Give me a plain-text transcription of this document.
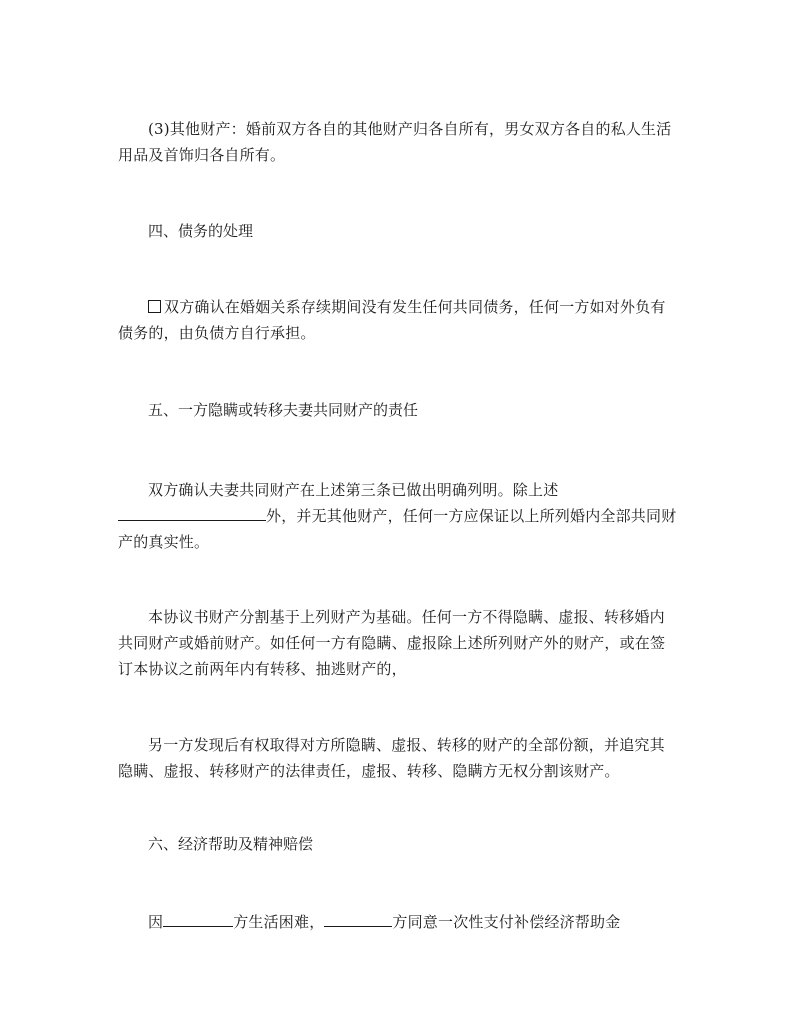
(3)其他财产：婚前双方各自的其他财产归各自所有，男女双方各自的私人生活用品及首饰归各自所有。

四、债务的处理

双方确认在婚姻关系存续期间没有发生任何共同债务，任何一方如对外负有债务的，由负债方自行承担。

五、一方隐瞒或转移夫妻共同财产的责任

双方确认夫妻共同财产在上述第三条已做出明确列明。除上述外，并无其他财产，任何一方应保证以上所列婚内全部共同财产的真实性。

本协议书财产分割基于上列财产为基础。任何一方不得隐瞒、虚报、转移婚内共同财产或婚前财产。如任何一方有隐瞒、虚报除上述所列财产外的财产，或在签订本协议之前两年内有转移、抽逃财产的，

另一方发现后有权取得对方所隐瞒、虚报、转移的财产的全部份额，并追究其隐瞒、虚报、转移财产的法律责任，虚报、转移、隐瞒方无权分割该财产。

六、经济帮助及精神赔偿

因	方生活困难，	方同意一次性支付补偿经济帮助金
